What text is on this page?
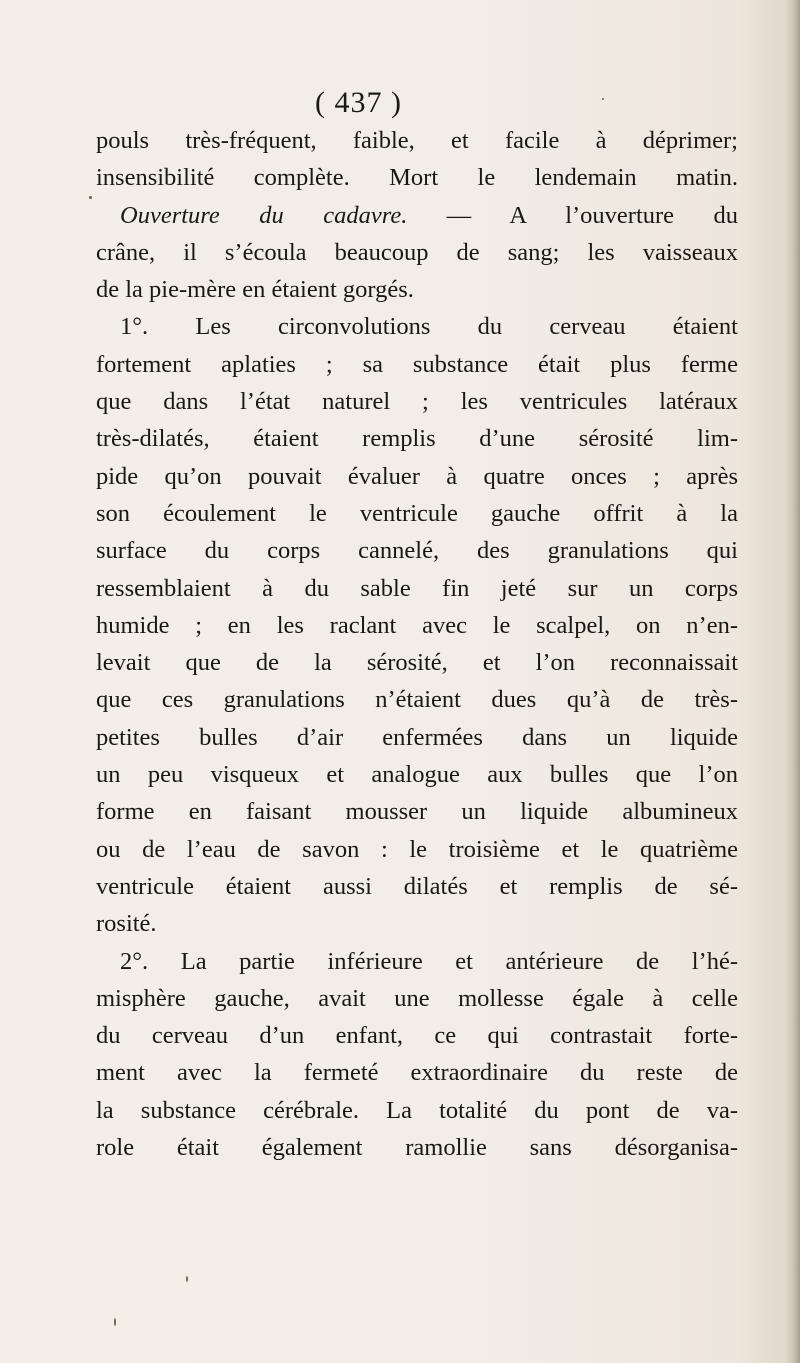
( 437 )
pouls très-fréquent, faible, et facile à déprimer;
insensibilité complète. Mort le lendemain matin.
Ouverture du cadavre. — A l’ouverture du
crâne, il s’écoula beaucoup de sang; les vaisseaux
de la pie-mère en étaient gorgés.
1°. Les circonvolutions du cerveau étaient
fortement aplaties ; sa substance était plus ferme
que dans l’état naturel ; les ventricules latéraux
très-dilatés, étaient remplis d’une sérosité lim-
pide qu’on pouvait évaluer à quatre onces ; après
son écoulement le ventricule gauche offrit à la
surface du corps cannelé, des granulations qui
ressemblaient à du sable fin jeté sur un corps
humide ; en les raclant avec le scalpel, on n’en-
levait que de la sérosité, et l’on reconnaissait
que ces granulations n’étaient dues qu’à de très-
petites bulles d’air enfermées dans un liquide
un peu visqueux et analogue aux bulles que l’on
forme en faisant mousser un liquide albumineux
ou de l’eau de savon : le troisième et le quatrième
ventricule étaient aussi dilatés et remplis de sé-
rosité.
2°. La partie inférieure et antérieure de l’hé-
misphère gauche, avait une mollesse égale à celle
du cerveau d’un enfant, ce qui contrastait forte-
ment avec la fermeté extraordinaire du reste de
la substance cérébrale. La totalité du pont de va-
role était également ramollie sans désorganisa-
